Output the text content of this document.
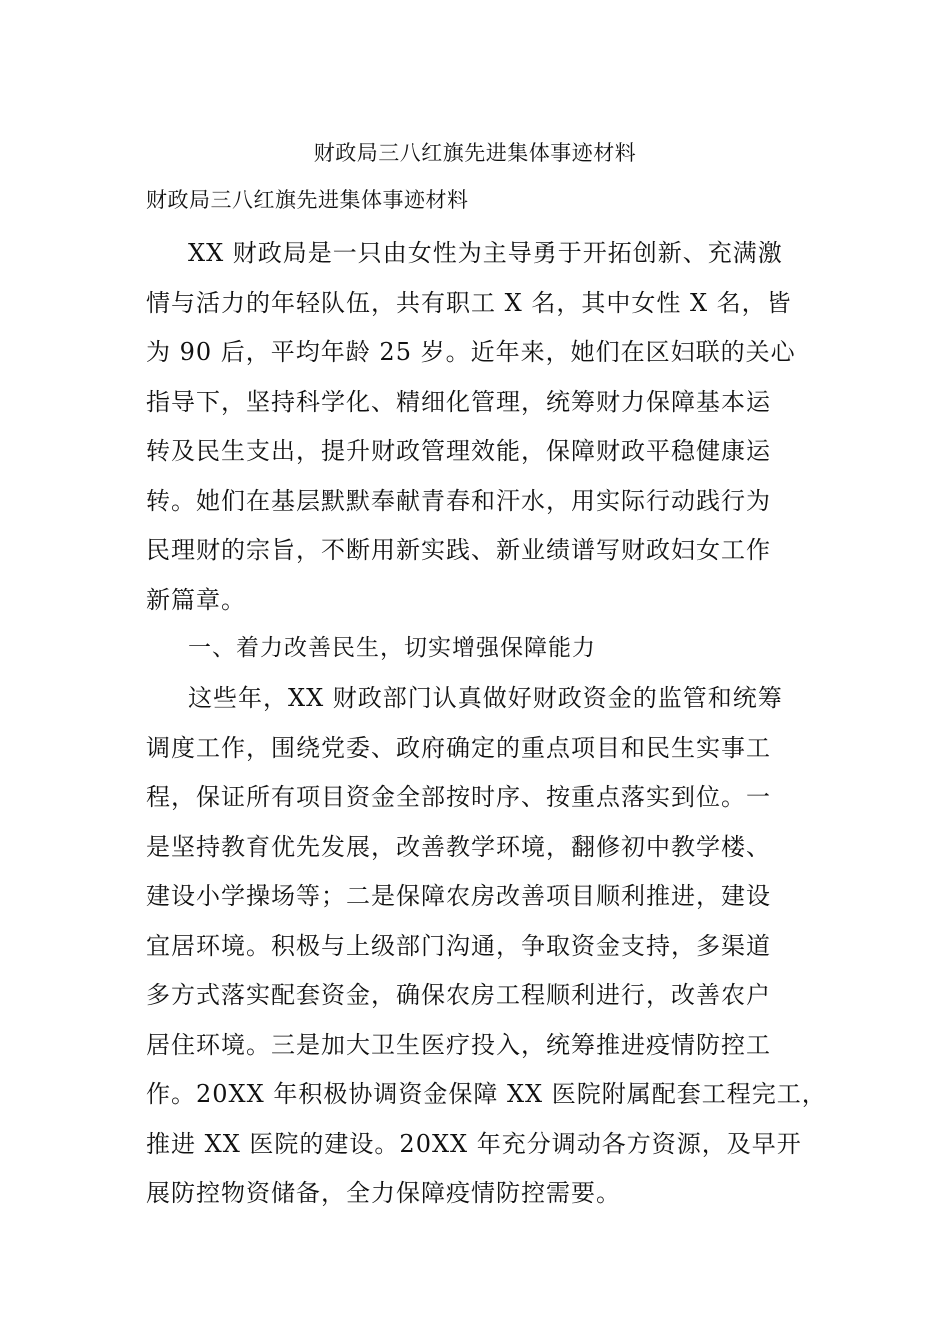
财政局三八红旗先进集体事迹材料
财政局三八红旗先进集体事迹材料
XX 财政局是一只由女性为主导勇于开拓创新、充满激
情与活力的年轻队伍，共有职工 X 名，其中女性 X 名，皆
为 90 后，平均年龄 25 岁。近年来，她们在区妇联的关心
指导下，坚持科学化、精细化管理，统筹财力保障基本运
转及民生支出，提升财政管理效能，保障财政平稳健康运
转。她们在基层默默奉献青春和汗水，用实际行动践行为
民理财的宗旨，不断用新实践、新业绩谱写财政妇女工作
新篇章。
一、着力改善民生，切实增强保障能力
这些年，XX 财政部门认真做好财政资金的监管和统筹
调度工作，围绕党委、政府确定的重点项目和民生实事工
程，保证所有项目资金全部按时序、按重点落实到位。一
是坚持教育优先发展，改善教学环境，翻修初中教学楼、
建设小学操场等；二是保障农房改善项目顺利推进，建设
宜居环境。积极与上级部门沟通，争取资金支持，多渠道
多方式落实配套资金，确保农房工程顺利进行，改善农户
居住环境。三是加大卫生医疗投入，统筹推进疫情防控工
作。20XX 年积极协调资金保障 XX 医院附属配套工程完工，
推进 XX 医院的建设。20XX 年充分调动各方资源，及早开
展防控物资储备，全力保障疫情防控需要。
